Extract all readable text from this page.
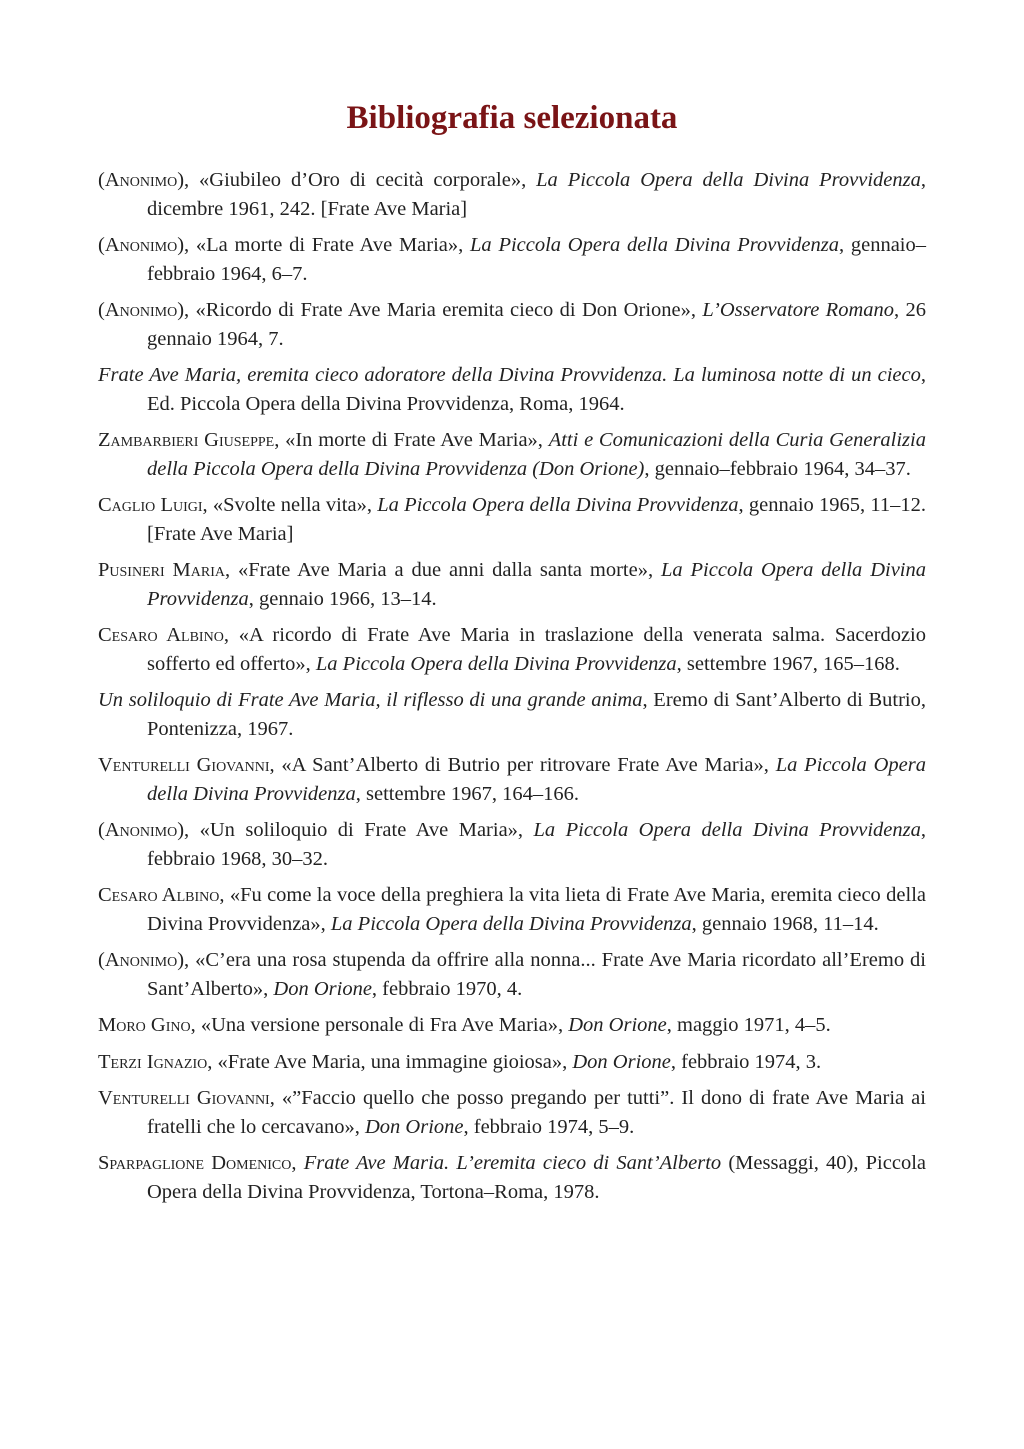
Bibliografia selezionata
(Anonimo), «Giubileo d’Oro di cecità corporale», La Piccola Opera della Divina Provvidenza, dicembre 1961, 242. [Frate Ave Maria]
(Anonimo), «La morte di Frate Ave Maria», La Piccola Opera della Divina Provvidenza, gennaio–febbraio 1964, 6–7.
(Anonimo), «Ricordo di Frate Ave Maria eremita cieco di Don Orione», L’Osservatore Romano, 26 gennaio 1964, 7.
Frate Ave Maria, eremita cieco adoratore della Divina Provvidenza. La luminosa notte di un cieco, Ed. Piccola Opera della Divina Provvidenza, Roma, 1964.
Zambarbieri Giuseppe, «In morte di Frate Ave Maria», Atti e Comunicazioni della Curia Generalizia della Piccola Opera della Divina Provvidenza (Don Orione), gennaio–febbraio 1964, 34–37.
Caglio Luigi, «Svolte nella vita», La Piccola Opera della Divina Provvidenza, gennaio 1965, 11–12. [Frate Ave Maria]
Pusineri Maria, «Frate Ave Maria a due anni dalla santa morte», La Piccola Opera della Divina Provvidenza, gennaio 1966, 13–14.
Cesaro Albino, «A ricordo di Frate Ave Maria in traslazione della venerata salma. Sacerdozio sofferto ed offerto», La Piccola Opera della Divina Provvidenza, settembre 1967, 165–168.
Un soliloquio di Frate Ave Maria, il riflesso di una grande anima, Eremo di Sant’Alberto di Butrio, Pontenizza, 1967.
Venturelli Giovanni, «A Sant’Alberto di Butrio per ritrovare Frate Ave Maria», La Piccola Opera della Divina Provvidenza, settembre 1967, 164–166.
(Anonimo), «Un soliloquio di Frate Ave Maria», La Piccola Opera della Divina Provvidenza, febbraio 1968, 30–32.
Cesaro Albino, «Fu come la voce della preghiera la vita lieta di Frate Ave Maria, eremita cieco della Divina Provvidenza», La Piccola Opera della Divina Provvidenza, gennaio 1968, 11–14.
(Anonimo), «C’era una rosa stupenda da offrire alla nonna... Frate Ave Maria ricordato all’Eremo di Sant’Alberto», Don Orione, febbraio 1970, 4.
Moro Gino, «Una versione personale di Fra Ave Maria», Don Orione, maggio 1971, 4–5.
Terzi Ignazio, «Frate Ave Maria, una immagine gioiosa», Don Orione, febbraio 1974, 3.
Venturelli Giovanni, «”Faccio quello che posso pregando per tutti”. Il dono di frate Ave Maria ai fratelli che lo cercavano», Don Orione, febbraio 1974, 5–9.
Sparpaglione Domenico, Frate Ave Maria. L’eremita cieco di Sant’Alberto (Messaggi, 40), Piccola Opera della Divina Provvidenza, Tortona–Roma, 1978.
